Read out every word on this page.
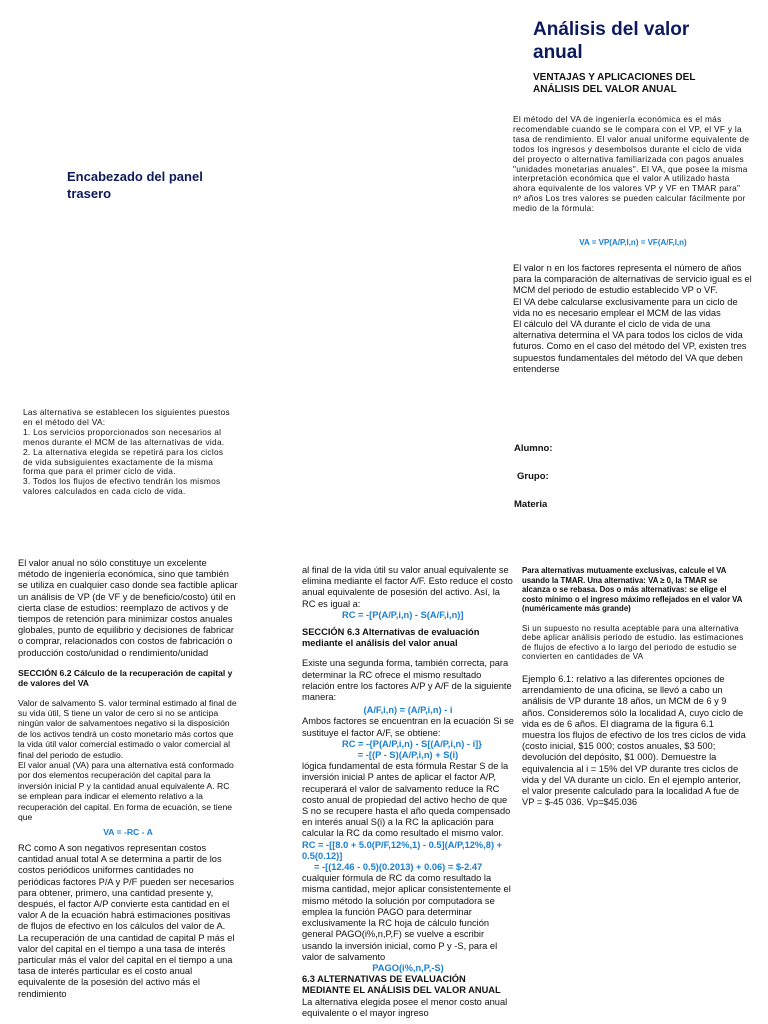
Análisis del valor anual
VENTAJAS Y APLICACIONES DEL ANÁLISIS DEL VALOR ANUAL
El método del VA de ingeniería económica es el más recomendable cuando se le compara con el VP, el VF y la tasa de rendimiento. El valor anual uniforme equivalente de todos los ingresos y desembolsos durante el ciclo de vida del proyecto o alternativa familiarizada con pagos anuales "unidades monetarias anuales". El VA, que posee la misma interpretación económica que el valor A utilizado hasta ahora equivalente de los valores VP y VF en TMAR para" nº años Los tres valores se pueden calcular fácilmente por medio de la fórmula:
VA = VP(A/P,I,n) = VF(A/F,I,n)

El valor n en los factores representa el número de años para la comparación de alternativas de servicio igual es el MCM del periodo de estudio establecido VP o VF.

El VA debe calcularse exclusivamente para un ciclo de vida no es necesario emplear el MCM de las vidas

El cálculo del VA durante el ciclo de vida de una alternativa determina el VA para todos los ciclos de vida futuros. Como en el caso del método del VP, existen tres supuestos fundamentales del método del VA que deben entenderse

Encabezado del panel trasero
Las alternativa se establecen los siguientes puestos en el método del VA:
1. Los servicios proporcionados son necesarios al menos durante el MCM de las alternativas de vida.
2. La alternativa elegida se repetirá para los ciclos de vida subsiguientes exactamente de la misma forma que para el primer ciclo de vida.
3. Todos los flujos de efectivo tendrán los mismos valores calculados en cada ciclo de vida.
Alumno:
Grupo:
Materia

El valor anual no sólo constituye un excelente método de ingeniería económica, sino que también se utiliza en cualquier caso donde sea factible aplicar un análisis de VP (de VF y de beneficio/costo) útil en cierta clase de estudios: reemplazo de activos y de tiempos de retención para minimizar costos anuales globales, punto de equilibrio y decisiones de fabricar o comprar, relacionados con costos de fabricación o producción costo/unidad o rendimiento/unidad

SECCIÓN 6.2 Cálculo de la recuperación de capital y de valores del VA

Valor de salvamento S. valor terminal estimado al final de su vida útil, S tiene un valor de cero si no se anticipa ningún valor de salvamentoes negativo si la disposición de los activos tendrá un costo monetario más cortos que la vida útil valor comercial estimado o valor comercial al final del periodo de estudio.
El valor anual (VA) para una alternativa está conformado por dos elementos recuperación del capital para la inversión inicial P y la cantidad anual equivalente A. RC se emplean para indicar el elemento relativo a la recuperación del capital. En forma de ecuación, se tiene que

VA = -RC - A

RC como A son negativos representan costos cantidad anual total A se determina a partir de los costos periódicos uniformes cantidades no periódicas factores P/A y P/F pueden ser necesarios para obtener, primero, una cantidad presente y, después, el factor A/P convierte esta cantidad en el valor A de la ecuación habrá estimaciones positivas de flujos de efectivo en los cálculos del valor de A. La recuperación de una cantidad de capital P más el valor del capital en el tiempo a una tasa de interés particular más el valor del capital en el tiempo a una tasa de interés particular es el costo anual equivalente de la posesión del activo más el rendimiento

al final de la vida útil su valor anual equivalente se elimina mediante el factor A/F. Esto reduce el costo anual equivalente de posesión del activo. Así, la RC es igual a:

RC = -[P(A/P,i,n) - S(A/F,i,n)]

SECCIÓN 6.3 Alternativas de evaluación mediante el análisis del valor anual

Existe una segunda forma, también correcta, para determinar la RC ofrece el mismo resultado relación entre los factores A/P y A/F de la siguiente manera:

(A/F,i,n) = (A/P,i,n) - i

Ambos factores se encuentran en la ecuación Si se sustituye el factor A/F, se obtiene:

RC = -{P(A/P,i,n) - S[(A/P,i,n) - i]}

= -[(P - S)(A/P,i,n) + S(i)

lógica fundamental de esta fórmula Restar S de la inversión inicial P antes de aplicar el factor A/P, recuperará el valor de salvamento reduce la RC costo anual de propiedad del activo hecho de que S no se recupere hasta el año queda compensado en interés anual S(i) a la RC la aplicación para calcular la RC da como resultado el mismo valor.

RC = -[[8.0 + 5.0(P/F,12%,1) - 0.5](A/P,12%,8) + 0.5(0.12)]

= -[(12.46 - 0.5)(0.2013) + 0.06) = $-2.47

cualquier fórmula de RC da como resultado la misma cantidad, mejor aplicar consistentemente el mismo método la solución por computadora se emplea la función PAGO para determinar exclusivamente la RC hoja de cálculo función general PAGO(i%,n,P,F) se vuelve a escribir usando la inversión inicial, como P y -S, para el valor de salvamento

PAGO(i%,n,P,-S)

6.3 ALTERNATIVAS DE EVALUACIÓN MEDIANTE EL ANÁLISIS DEL VALOR ANUAL

La alternativa elegida posee el menor costo anual equivalente o el mayor ingreso

Para alternativas mutuamente exclusivas, calcule el VA usando la TMAR. Una alternativa: VA ≥ 0, la TMAR se alcanza o se rebasa. Dos o más alternativas: se elige el costo mínimo o el ingreso máximo reflejados en el valor VA (numéricamente más grande)

Si un supuesto no resulta aceptable para una alternativa debe aplicar análisis periodo de estudio. las estimaciones de flujos de efectivo a lo largo del periodo de estudio se convierten en cantidades de VA

Ejemplo 6.1: relativo a las diferentes opciones de arrendamiento de una oficina, se llevó a cabo un análisis de VP durante 18 años, un MCM de 6 y 9 años. Consideremos sólo la localidad A, cuyo ciclo de vida es de 6 años. El diagrama de la figura 6.1 muestra los flujos de efectivo de los tres ciclos de vida (costo inicial, $15 000; costos anuales, $3 500; devolución del depósito, $1 000). Demuestre la equivalencia al i = 15% del VP durante tres ciclos de vida y del VA durante un ciclo. En el ejemplo anterior, el valor presente calculado para la localidad A fue de VP = $-45 036. Vp=$45.036
